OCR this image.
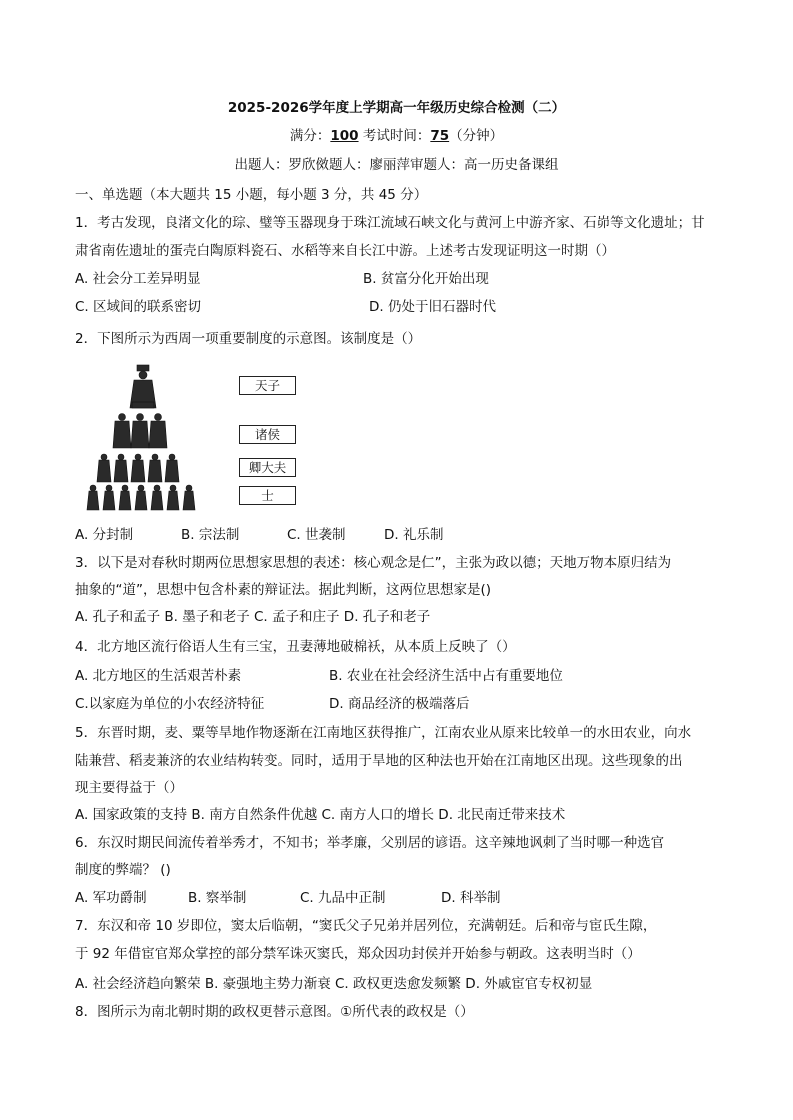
2025-2026学年度上学期高一年级历史综合检测（二）
满分：100 考试时间：75（分钟）
出题人：罗欣傚题人：廖丽萍审题人：高一历史备课组
一、单选题（本大题共 15 小题，每小题 3 分，共 45 分）
1．考古发现，良渚文化的琮、璧等玉器现身于珠江流域石峡文化与黄河上中游齐家、石峁等文化遗址；甘
肃省南佐遗址的蛋壳白陶原料瓷石、水稻等来自长江中游。上述考古发现证明这一时期（）
A. 社会分工差异明显	B. 贫富分化开始出现
C. 区域间的联系密切	D. 仍处于旧石器时代
2．下图所示为西周一项重要制度的示意图。该制度是（）
天子
诸侯
卿大夫
士
A. 分封制	B. 宗法制	C. 世袭制	D. 礼乐制
3．以下是对春秋时期两位思想家思想的表述：核心观念是仁”，主张为政以德；天地万物本原归结为
抽象的“道”，思想中包含朴素的辩证法。据此判断，这两位思想家是()
A. 孔子和孟子 B. 墨子和老子 C. 孟子和庄子 D. 孔子和老子
4．北方地区流行俗语人生有三宝，丑妻薄地破棉袄，从本质上反映了（）
A. 北方地区的生活艰苦朴素	B. 农业在社会经济生活中占有重要地位
C.以家庭为单位的小农经济特征	D. 商品经济的极端落后
5．东晋时期，麦、粟等旱地作物逐渐在江南地区获得推广，江南农业从原来比较单一的水田农业，向水
陆兼营、稻麦兼济的农业结构转变。同时，适用于旱地的区种法也开始在江南地区出现。这些现象的出
现主要得益于（）
A. 国家政策的支持 B. 南方自然条件优越 C. 南方人口的增长 D. 北民南迁带来技术
6．东汉时期民间流传着举秀才，不知书；举孝廉，父别居的谚语。这辛辣地讽刺了当时哪一种选官
制度的弊端？ ()
A. 军功爵制	B. 察举制	C. 九品中正制	D. 科举制
7．东汉和帝 10 岁即位，窦太后临朝，“窦氏父子兄弟并居列位，充满朝廷。后和帝与宦氏生隙，
于 92 年借宦官郑众掌控的部分禁军诛灭窦氏，郑众因功封侯并开始参与朝政。这表明当时（）
A. 社会经济趋向繁荣 B. 豪强地主势力渐衰 C. 政权更迭愈发频繁 D. 外戚宦官专权初显
8．图所示为南北朝时期的政权更替示意图。①所代表的政权是（）
